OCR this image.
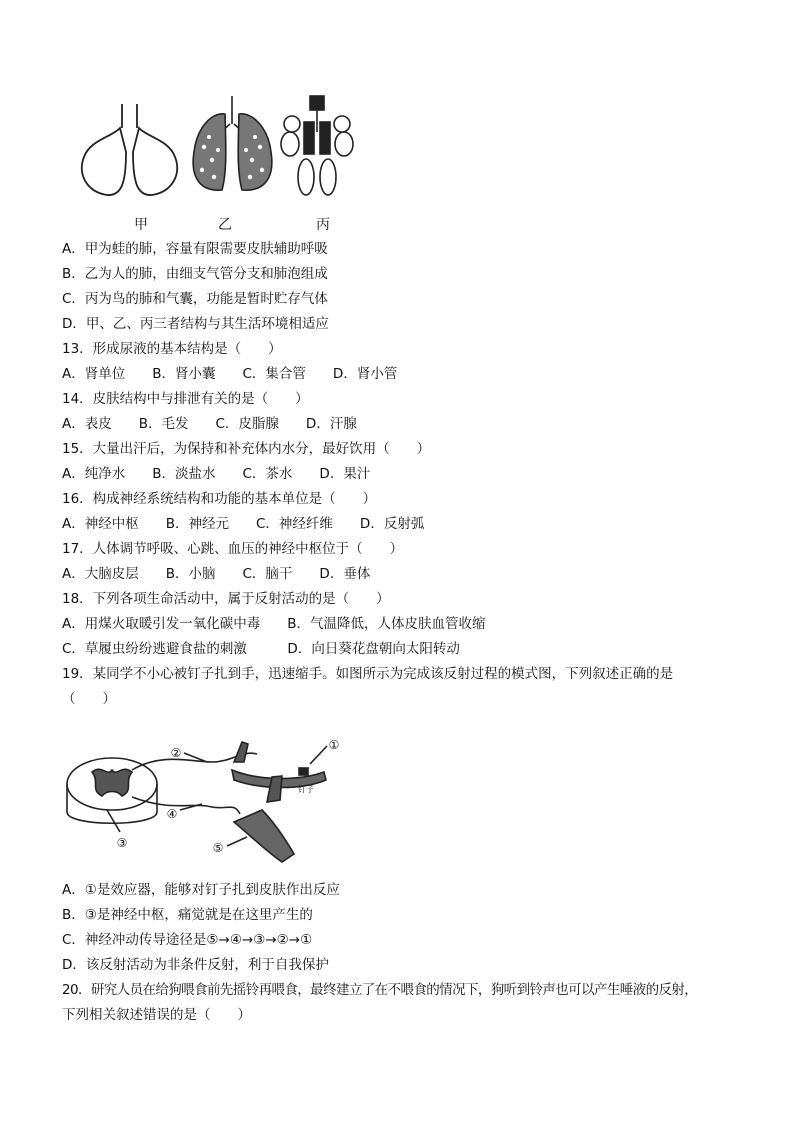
甲	乙	丙
A．甲为蛙的肺，容量有限需要皮肤辅助呼吸
B．乙为人的肺，由细支气管分支和肺泡组成
C．丙为鸟的肺和气囊，功能是暂时贮存气体
D．甲、乙、丙三者结构与其生活环境相适应
13．形成尿液的基本结构是（　　）
A．肾单位　　B．肾小囊　　C．集合管　　D．肾小管
14．皮肤结构中与排泄有关的是（　　）
A．表皮　　B．毛发　　C．皮脂腺　　D．汗腺
15．大量出汗后，为保持和补充体内水分，最好饮用（　　）
A．纯净水　　B．淡盐水　　C．茶水　　D．果汁
16．构成神经系统结构和功能的基本单位是（　　）
A．神经中枢　　B．神经元　　C．神经纤维　　D．反射弧
17．人体调节呼吸、心跳、血压的神经中枢位于（　　）
A．大脑皮层　　B．小脑　　C．脑干　　D．垂体
18．下列各项生命活动中，属于反射活动的是（　　）
A．用煤火取暖引发一氧化碳中毒　　B．气温降低，人体皮肤血管收缩
C．草履虫纷纷逃避食盐的刺激　　　D．向日葵花盘朝向太阳转动
19．某同学不小心被钉子扎到手，迅速缩手。如图所示为完成该反射过程的模式图，下列叙述正确的是
（　　）
②
①
③
④
⑤
钉子
A．①是效应器，能够对钉子扎到皮肤作出反应
B．③是神经中枢，痛觉就是在这里产生的
C．神经冲动传导途径是⑤→④→③→②→①
D．该反射活动为非条件反射，利于自我保护
20．研究人员在给狗喂食前先摇铃再喂食，最终建立了在不喂食的情况下，狗听到铃声也可以产生唾液的反射，
下列相关叙述错误的是（　　）
